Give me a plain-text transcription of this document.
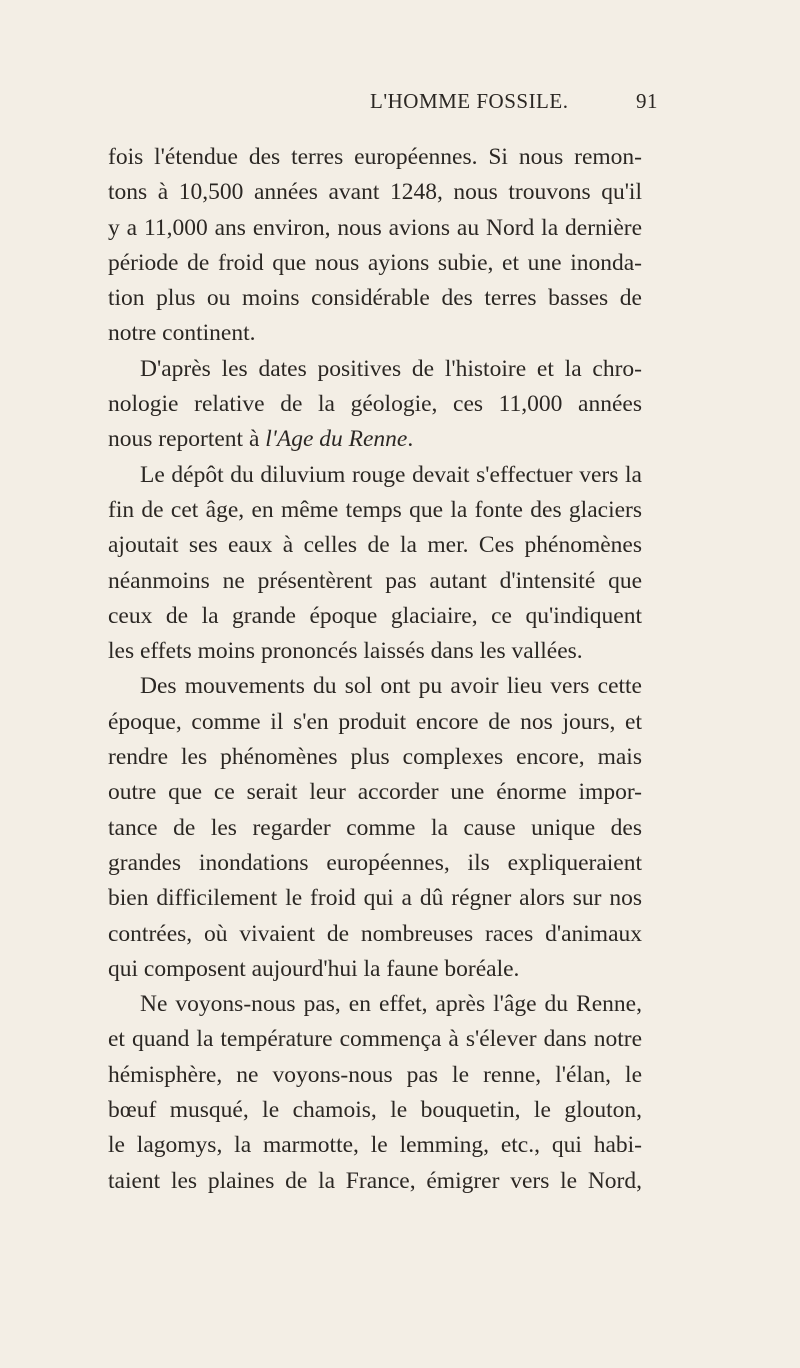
L'HOMME FOSSILE.	91
fois l'étendue des terres européennes. Si nous remon-
tons à 10,500 années avant 1248, nous trouvons qu'il
y a 11,000 ans environ, nous avions au Nord la dernière
période de froid que nous ayions subie, et une inonda-
tion plus ou moins considérable des terres basses de
notre continent.
D'après les dates positives de l'histoire et la chro-
nologie relative de la géologie, ces 11,000 années
nous reportent à l'Age du Renne.
Le dépôt du diluvium rouge devait s'effectuer vers la
fin de cet âge, en même temps que la fonte des glaciers
ajoutait ses eaux à celles de la mer. Ces phénomènes
néanmoins ne présentèrent pas autant d'intensité que
ceux de la grande époque glaciaire, ce qu'indiquent
les effets moins prononcés laissés dans les vallées.
Des mouvements du sol ont pu avoir lieu vers cette
époque, comme il s'en produit encore de nos jours, et
rendre les phénomènes plus complexes encore, mais
outre que ce serait leur accorder une énorme impor-
tance de les regarder comme la cause unique des
grandes inondations européennes, ils expliqueraient
bien difficilement le froid qui a dû régner alors sur nos
contrées, où vivaient de nombreuses races d'animaux
qui composent aujourd'hui la faune boréale.
Ne voyons-nous pas, en effet, après l'âge du Renne,
et quand la température commença à s'élever dans notre
hémisphère, ne voyons-nous pas le renne, l'élan, le
bœuf musqué, le chamois, le bouquetin, le glouton,
le lagomys, la marmotte, le lemming, etc., qui habi-
taient les plaines de la France, émigrer vers le Nord,
